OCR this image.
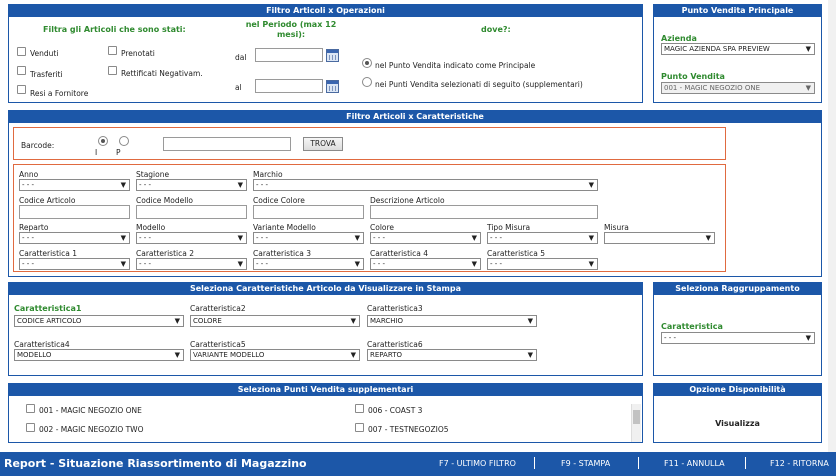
Filtro Articoli x Operazioni
Filtra gli Articoli che sono stati:
nel Periodo (max 12 mesi):
dove?:
Venduti	Prenotati
Trasferiti	Rettificati Negativam.
Resi a Fornitore
dal
al
nel Punto Vendita indicato come Principale
nei Punti Vendita selezionati di seguito (supplementari)
Punto Vendita Principale
Azienda
MAGIC AZIENDA SPA PREVIEW	▼
Punto Vendita
001 - MAGIC NEGOZIO ONE	▼
Filtro Articoli x Caratteristiche
Barcode:
I	P
TROVA
Anno
- - -	▼
Stagione
- - -	▼
Marchio
- - -	▼
Codice Articolo	Codice Modello	Codice Colore	Descrizione Articolo
Reparto
- - -	▼
Modello
- - -	▼
Variante Modello
- - -	▼
Colore
- - -	▼
Tipo Misura
- - -	▼
Misura
▼
Caratteristica 1
- - -	▼
Caratteristica 2
- - -	▼
Caratteristica 3
- - -	▼
Caratteristica 4
- - -	▼
Caratteristica 5
- - -	▼
Seleziona Caratteristiche Articolo da Visualizzare in Stampa
Caratteristica1
CODICE ARTICOLO	▼
Caratteristica2
COLORE	▼
Caratteristica3
MARCHIO	▼
Caratteristica4
MODELLO	▼
Caratteristica5
VARIANTE MODELLO	▼
Caratteristica6
REPARTO	▼
Seleziona Raggruppamento
Caratteristica
- - -	▼
Seleziona Punti Vendita supplementari
001 - MAGIC NEGOZIO ONE	006 - COAST 3
002 - MAGIC NEGOZIO TWO	007 - TESTNEGOZIO5
Opzione Disponibilità
Visualizza
Report - Situazione Riassortimento di Magazzino	F7 - ULTIMO FILTRO	F9 - STAMPA	F11 - ANNULLA	F12 - RITORNA
